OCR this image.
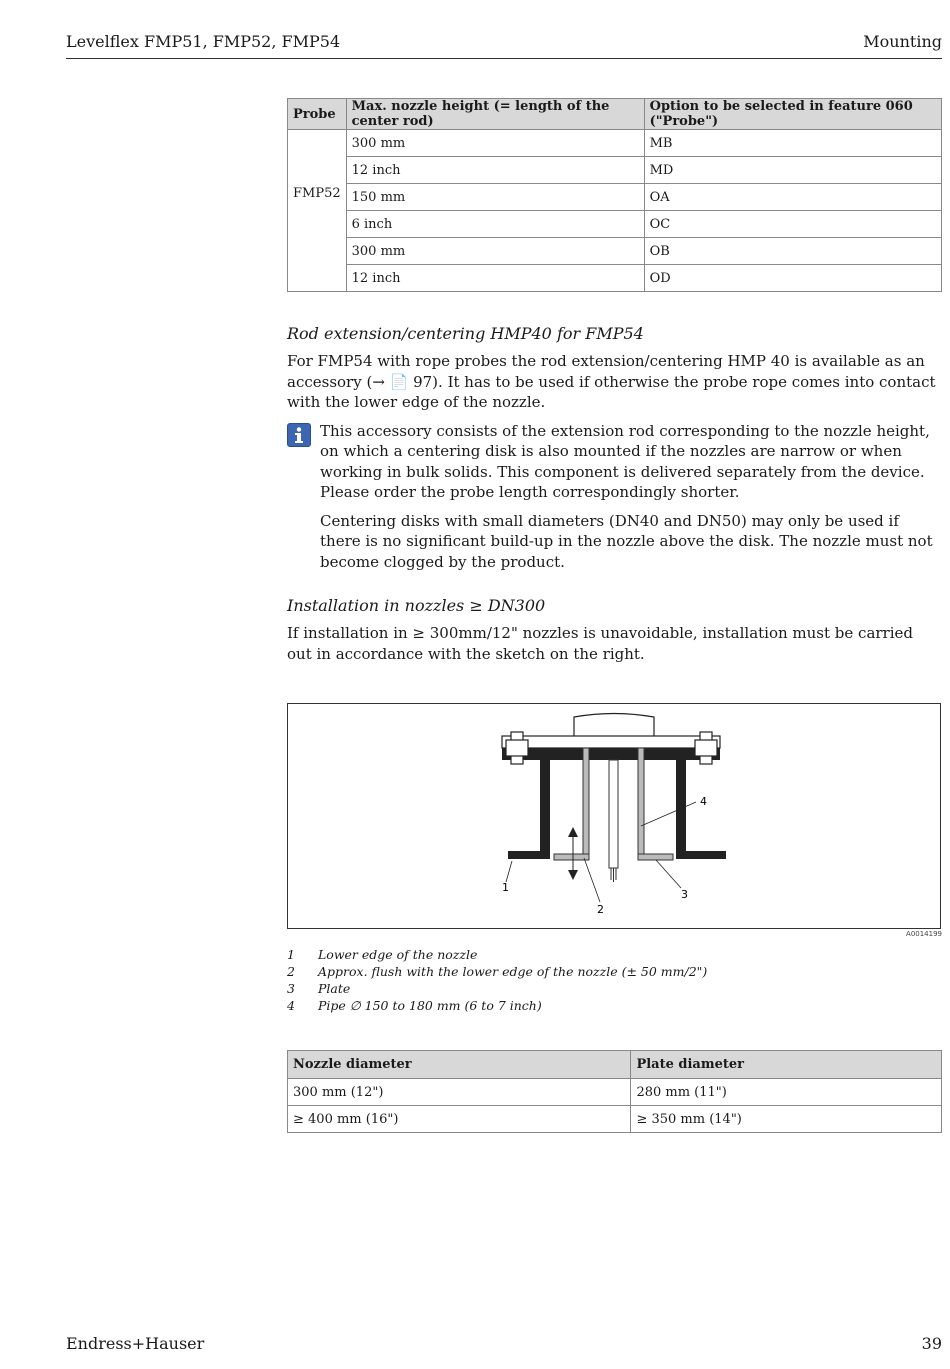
Levelflex FMP51, FMP52, FMP54	Mounting
Probe	Max. nozzle height (= length of the center rod)	Option to be selected in feature 060 ("Probe")

FMP52	300 mm	MB
	12 inch	MD
	150 mm	OA
	6 inch	OC
	300 mm	OB
	12 inch	OD

Rod extension/centering HMP40 for FMP54

For FMP54 with rope probes the rod extension/centering HMP 40 is available as an accessory (→ 📄 97). It has to be used if otherwise the probe rope comes into contact with the lower edge of the nozzle.

This accessory consists of the extension rod corresponding to the nozzle height, on which a centering disk is also mounted if the nozzles are narrow or when working in bulk solids. This component is delivered separately from the device. Please order the probe length correspondingly shorter.

Centering disks with small diameters (DN40 and DN50) may only be used if there is no significant build-up in the nozzle above the disk. The nozzle must not become clogged by the product.

Installation in nozzles ≥ DN300

If installation in ≥ 300mm/12" nozzles is unavoidable, installation must be carried out in accordance with the sketch on the right.

1
2
3
4
A0014199
1	Lower edge of the nozzle
2	Approx. flush with the lower edge of the nozzle (± 50 mm/2")
3	Plate
4	Pipe ∅ 150 to 180 mm (6 to 7 inch)
Nozzle diameter	Plate diameter
300 mm (12")	280 mm (11")
≥ 400 mm (16")	≥ 350 mm (14")
Endress+Hauser	39
